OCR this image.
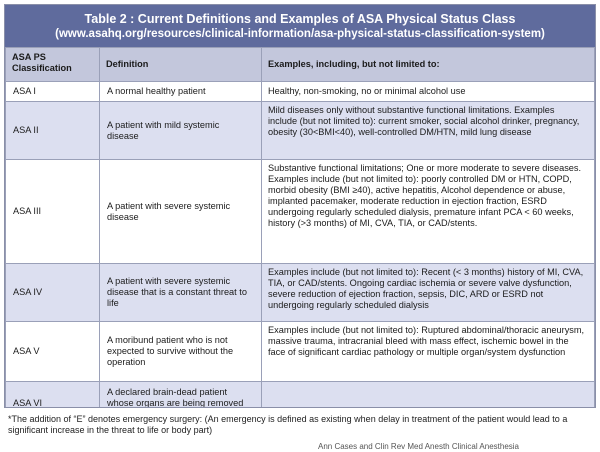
Table 2 : Current Definitions and Examples of ASA Physical Status Class
(www.asahq.org/resources/clinical-information/asa-physical-status-classification-system)
ASA PS Classification	Definition	Examples, including, but not limited to:
ASA I	A normal healthy patient	Healthy, non-smoking, no or minimal alcohol use
ASA II	A patient with mild systemic disease	Mild diseases only without substantive functional limitations. Examples include (but not limited to): current smoker, social alcohol drinker, pregnancy, obesity (30<BMI<40), well-controlled DM/HTN, mild lung disease
ASA III	A patient with severe systemic disease	Substantive functional limitations; One or more moderate to severe diseases. Examples include (but not limited to): poorly controlled DM or HTN, COPD, morbid obesity (BMI ≥40), active hepatitis, Alcohol dependence or abuse, implanted pacemaker, moderate reduction in ejection fraction, ESRD undergoing regularly scheduled dialysis, premature infant PCA < 60 weeks, history (>3 months) of MI, CVA, TIA, or CAD/stents.
ASA IV	A patient with severe systemic disease that is a constant threat to life	Examples include (but not limited to): Recent (< 3 months) history of MI, CVA, TIA, or CAD/stents. Ongoing cardiac ischemia or severe valve dysfunction, severe reduction of ejection fraction, sepsis, DIC, ARD or ESRD not undergoing regularly scheduled dialysis
ASA V	A moribund patient who is not expected to survive without the operation	Examples include (but not limited to): Ruptured abdominal/thoracic aneurysm, massive trauma, intracranial bleed with mass effect, ischemic bowel in the face of significant cardiac pathology or multiple organ/system dysfunction
ASA VI	A declared brain-dead patient whose organs are being removed	
*The addition of “E” denotes emergency surgery: (An emergency is defined as existing when delay in treatment of the patient would lead to a significant increase in the threat to life or body part)
Ann Cases and Clin Rev Med Anesth Clinical Anesthesia
